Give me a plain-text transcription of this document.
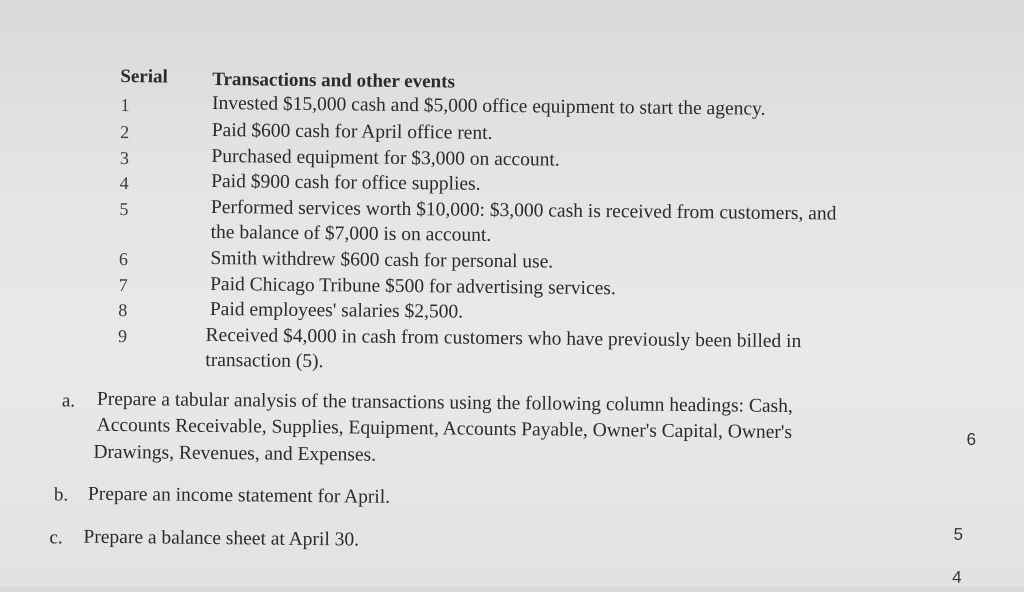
Serial Transactions and other events
1
2
3
4
5
6
7
8
9
Invested $15,000 cash and $5,000 office equipment to start the agency.
Paid $600 cash for April office rent.
Purchased equipment for $3,000 on account.
Paid $900 cash for office supplies.
Performed services worth $10,000: $3,000 cash is received from customers, and
the balance of $7,000 is on account.
Smith withdrew $600 cash for personal use.
Paid Chicago Tribune $500 for advertising services.
Paid employees' salaries $2,500.
Received $4,000 in cash from customers who have previously been billed in
transaction (5).
a. Prepare a tabular analysis of the transactions using the following column headings: Cash,
Accounts Receivable, Supplies, Equipment, Accounts Payable, Owner's Capital, Owner's
Drawings, Revenues, and Expenses.
6
b. Prepare an income statement for April.
c. Prepare a balance sheet at April 30.	5
4
